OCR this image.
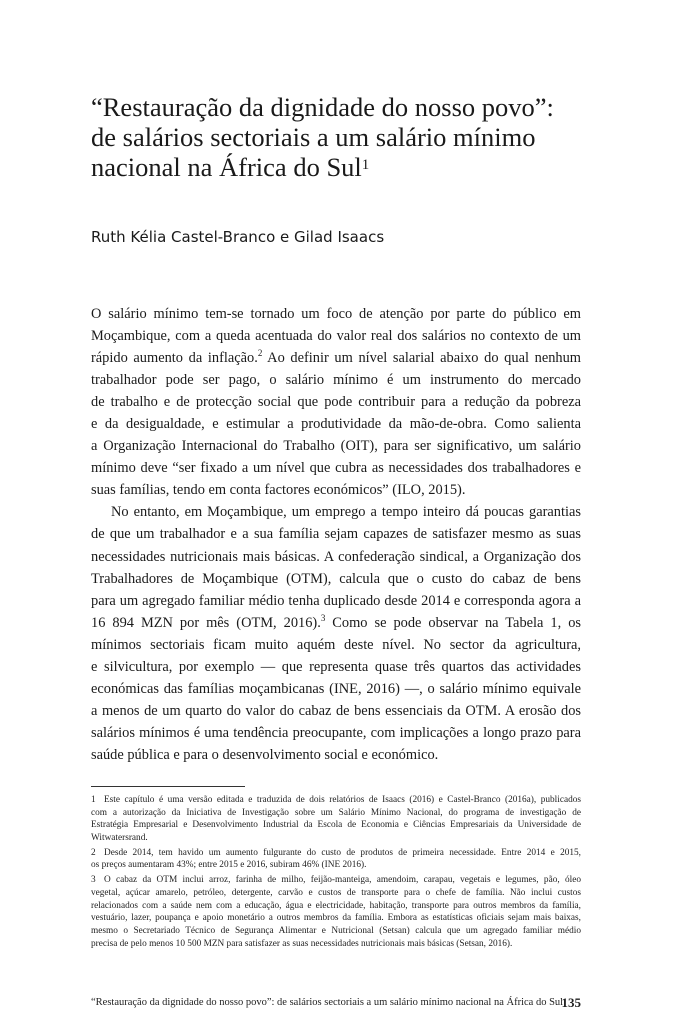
“Restauração da dignidade do nosso povo”:
de salários sectoriais a um salário mínimo
nacional na África do Sul$^1$
Ruth Kélia Castel-Branco e Gilad Isaacs
O salário mínimo tem-se tornado um foco de atenção por parte do público em
Moçambique, com a queda acentuada do valor real dos salários no contexto de um
rápido aumento da inflação.$^2$ Ao definir um nível salarial abaixo do qual nenhum
trabalhador pode ser pago, o salário mínimo é um instrumento do mercado
de trabalho e de protecção social que pode contribuir para a redução da pobreza
e da desigualdade, e estimular a produtividade da mão-de-obra. Como salienta
a Organização Internacional do Trabalho (OIT), para ser significativo, um salário
mínimo deve “ser fixado a um nível que cubra as necessidades dos trabalhadores e
suas famílias, tendo em conta factores económicos” (ILO, 2015).
No entanto, em Moçambique, um emprego a tempo inteiro dá poucas garantias
de que um trabalhador e a sua família sejam capazes de satisfazer mesmo as suas
necessidades nutricionais mais básicas. A confederação sindical, a Organização dos
Trabalhadores de Moçambique (OTM), calcula que o custo do cabaz de bens
para um agregado familiar médio tenha duplicado desde 2014 e corresponda agora a
16 894 MZN por mês (OTM, 2016).$^3$ Como se pode observar na Tabela 1, os
mínimos sectoriais ficam muito aquém deste nível. No sector da agricultura,
e silvicultura, por exemplo — que representa quase três quartos das actividades
económicas das famílias moçambicanas (INE, 2016) —, o salário mínimo equivale
a menos de um quarto do valor do cabaz de bens essenciais da OTM. A erosão dos
salários mínimos é uma tendência preocupante, com implicações a longo prazo para
saúde pública e para o desenvolvimento social e económico.
1 Este capítulo é uma versão editada e traduzida de dois relatórios de Isaacs (2016) e Castel-Branco (2016a), publicados
com a autorização da Iniciativa de Investigação sobre um Salário Mínimo Nacional, do programa de investigação de
Estratégia Empresarial e Desenvolvimento Industrial da Escola de Economia e Ciências Empresariais da Universidade de
Witwatersrand.
2 Desde 2014, tem havido um aumento fulgurante do custo de produtos de primeira necessidade. Entre 2014 e 2015,
os preços aumentaram 43%; entre 2015 e 2016, subiram 46% (INE 2016).
3 O cabaz da OTM inclui arroz, farinha de milho, feijão-manteiga, amendoim, carapau, vegetais e legumes, pão, óleo
vegetal, açúcar amarelo, petróleo, detergente, carvão e custos de transporte para o chefe de família. Não inclui custos
relacionados com a saúde nem com a educação, água e electricidade, habitação, transporte para outros membros da família,
vestuário, lazer, poupança e apoio monetário a outros membros da família. Embora as estatísticas oficiais sejam mais baixas,
mesmo o Secretariado Técnico de Segurança Alimentar e Nutricional (Setsan) calcula que um agregado familiar médio
precisa de pelo menos 10 500 MZN para satisfazer as suas necessidades nutricionais mais básicas (Setsan, 2016).
“Restauração da dignidade do nosso povo”: de salários sectoriais a um salário mínimo nacional na África do Sul
135
